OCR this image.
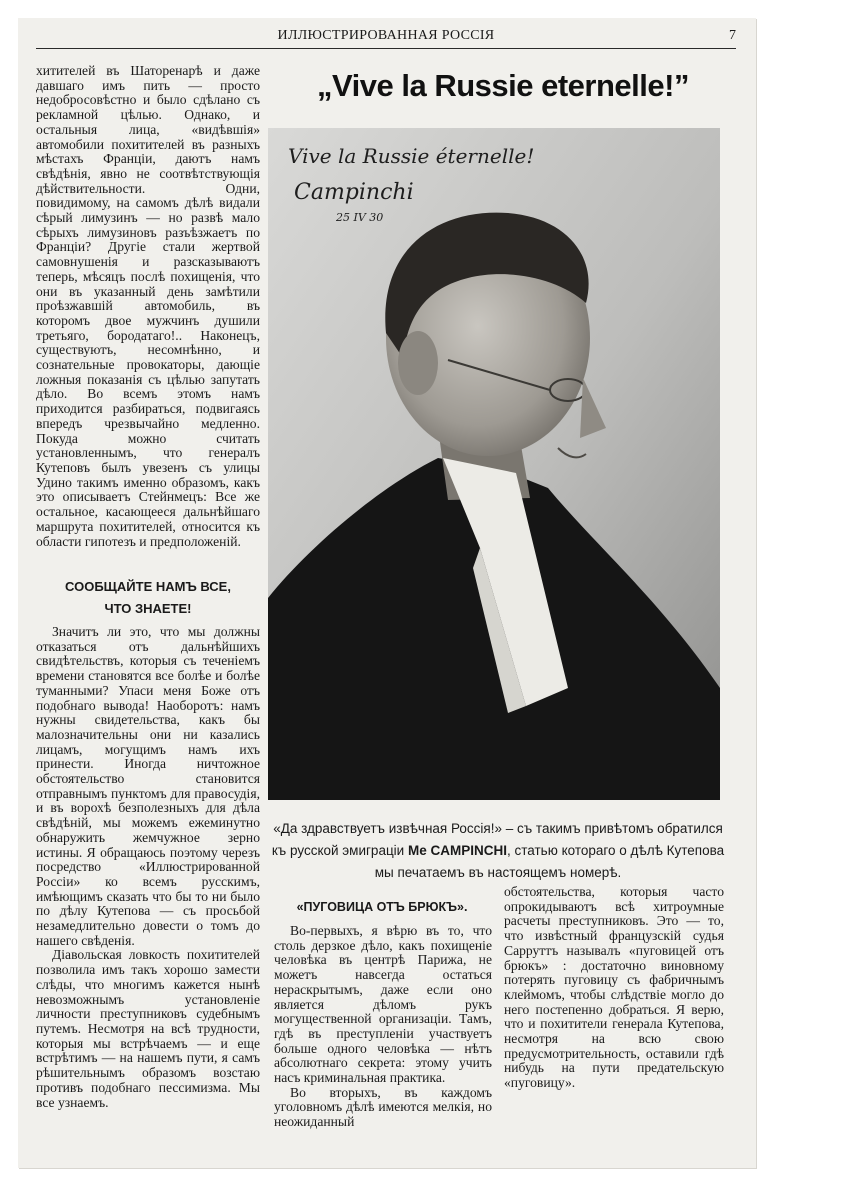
ИЛЛЮСТРИРОВАННАЯ РОССІЯ	7

хитителей въ Шаторенарѣ и даже давшаго имъ пить — просто недобросовѣстно и было сдѣлано съ рекламной цѣлью. Однако, и остальныя лица, «видѣвшія» автомобили похитителей въ разныхъ мѣстахъ Франціи, даютъ намъ свѣдѣнія, явно не соотвѣтствующія дѣйствительности. Одни, повидимому, на самомъ дѣлѣ видали сѣрый лимузинъ — но развѣ мало сѣрыхъ лимузиновъ разъѣзжаетъ по Франціи? Другіе стали жертвой самовнушенія и разсказываютъ теперь, мѣсяцъ послѣ похищенія, что они въ указанный день замѣтили проѣзжавшій автомобиль, въ которомъ двое мужчинъ душили третьяго, бородатаго!.. Наконецъ, существуютъ, несомнѣнно, и сознательные провокаторы, дающіе ложныя показанія съ цѣлью запутать дѣло. Во всемъ этомъ намъ приходится разбираться, подвигаясь впередъ чрезвычайно медленно. Покуда можно считать установленнымъ, что генералъ Кутеповъ былъ увезенъ съ улицы Удино такимъ именно образомъ, какъ это описываетъ Стейнмецъ: Все же остальное, касающееся дальнѣйшаго маршрута похитителей, относится къ области гипотезъ и предположеній.

СООБЩАЙТЕ НАМЪ ВСЕ,
ЧТО ЗНАЕТЕ!

Значитъ ли это, что мы должны отказаться отъ дальнѣйшихъ свидѣтельствъ, которыя съ теченіемъ времени становятся все болѣе и болѣе туманными? Упаси меня Боже отъ подобнаго вывода! Наоборотъ: намъ нужны свидетельства, какъ бы малозначительны они ни казались лицамъ, могущимъ намъ ихъ принести. Иногда ничтожное обстоятельство становится отправнымъ пунктомъ для правосудія, и въ ворохѣ безполезныхъ для дѣла свѣдѣній, мы можемъ ежеминутно обнаружить жемчужное зерно истины. Я обращаюсь поэтому черезъ посредство «Иллюстрированной Россіи» ко всемъ русскимъ, имѣющимъ сказать что бы то ни было по дѣлу Кутепова — съ просьбой незамедлительно довести о томъ до нашего свѣденія.

Діавольская ловкость похитителей позволила имъ такъ хорошо замести слѣды, что многимъ кажется нынѣ невозможнымъ установленіе личности преступниковъ судебнымъ путемъ. Несмотря на всѣ трудности, которыя мы встрѣчаемъ — и еще встрѣтимъ — на нашемъ пути, я самъ рѣшительнымъ образомъ возстаю противъ подобнаго пессимизма. Мы все узнаемъ.

„Vive la Russie eternelle!”
Vive la Russie éternelle!
Campinchi
25 IV 30
«Да здравствуетъ извѣчная Россія!» – съ такимъ привѣтомъ обратился къ русской эмиграціи Me CAMPINCHI, статью котораго о дѣлѣ Кутепова мы печатаемъ въ настоящемъ номерѣ.
«ПУГОВИЦА ОТЪ БРЮКЪ».

Во-первыхъ, я вѣрю въ то, что столь дерзкое дѣло, какъ похищеніе человѣка въ центрѣ Парижа, не можетъ навсегда остаться нераскрытымъ, даже если оно является дѣломъ рукъ могущественной организаціи. Тамъ, гдѣ въ преступленіи участвуетъ больше одного человѣка — нѣтъ абсолютнаго секрета: этому учить насъ криминальная практика.

Во вторыхъ, въ каждомъ уголовномъ дѣлѣ имеются мелкія, но неожиданный

обстоятельства, которыя часто опрокидываютъ всѣ хитроумные расчеты преступниковъ. Это — то, что извѣстный французскій судья Сарруттъ называлъ «пуговицей отъ брюкъ» : достаточно виновному потерять пуговицу съ фабричнымъ клеймомъ, чтобы слѣдствіе могло до него постепенно добраться. Я верю, что и похитители генерала Кутепова, несмотря на всю свою предусмотрительность, оставили гдѣ нибудь на пути предательскую «пуговицу».
